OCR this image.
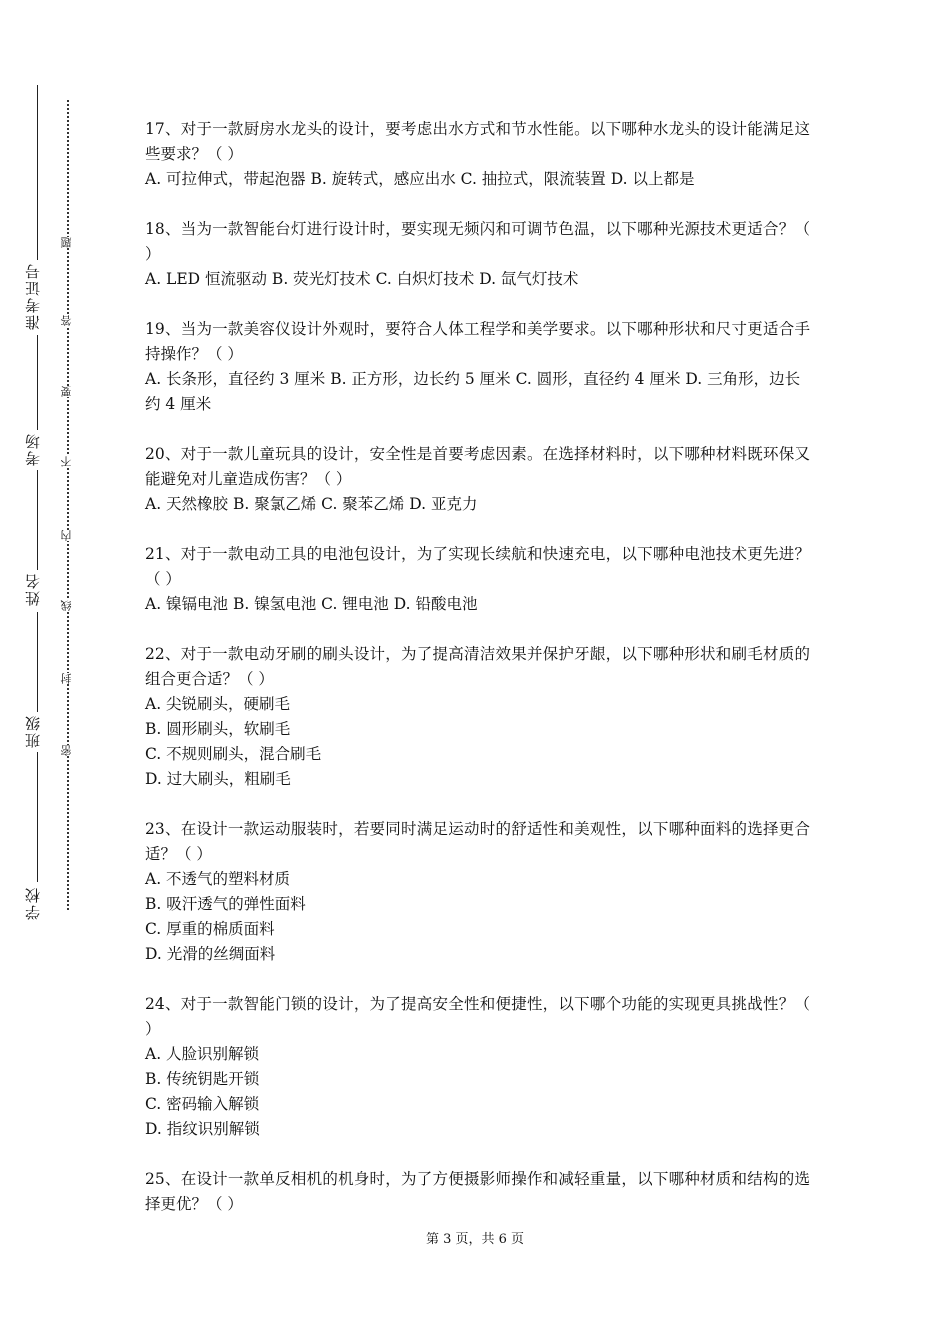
准考证号
考场
姓名
班级
学校
题
答
要
不
内
线
封
密
17、对于一款厨房水龙头的设计，要考虑出水方式和节水性能。以下哪种水龙头的设计能满足这些要求？（ ）
A. 可拉伸式，带起泡器 B. 旋转式，感应出水 C. 抽拉式，限流装置 D. 以上都是
18、当为一款智能台灯进行设计时，要实现无频闪和可调节色温，以下哪种光源技术更适合？（ ）
A. LED 恒流驱动 B. 荧光灯技术 C. 白炽灯技术 D. 氙气灯技术
19、当为一款美容仪设计外观时，要符合人体工程学和美学要求。以下哪种形状和尺寸更适合手持操作？（ ）
A. 长条形，直径约 3 厘米 B. 正方形，边长约 5 厘米 C. 圆形，直径约 4 厘米 D. 三角形，边长约 4 厘米
20、对于一款儿童玩具的设计，安全性是首要考虑因素。在选择材料时，以下哪种材料既环保又能避免对儿童造成伤害？（ ）
A. 天然橡胶 B. 聚氯乙烯 C. 聚苯乙烯 D. 亚克力
21、对于一款电动工具的电池包设计，为了实现长续航和快速充电，以下哪种电池技术更先进？（ ）
A. 镍镉电池 B. 镍氢电池 C. 锂电池 D. 铅酸电池
22、对于一款电动牙刷的刷头设计，为了提高清洁效果并保护牙龈，以下哪种形状和刷毛材质的组合更合适？（ ）
A. 尖锐刷头，硬刷毛
B. 圆形刷头，软刷毛
C. 不规则刷头，混合刷毛
D. 过大刷头，粗刷毛
23、在设计一款运动服装时，若要同时满足运动时的舒适性和美观性，以下哪种面料的选择更合适？（ ）
A. 不透气的塑料材质
B. 吸汗透气的弹性面料
C. 厚重的棉质面料
D. 光滑的丝绸面料
24、对于一款智能门锁的设计，为了提高安全性和便捷性，以下哪个功能的实现更具挑战性？（ ）
A. 人脸识别解锁
B. 传统钥匙开锁
C. 密码输入解锁
D. 指纹识别解锁
25、在设计一款单反相机的机身时，为了方便摄影师操作和减轻重量，以下哪种材质和结构的选择更优？（ ）
第 3 页，共 6 页
